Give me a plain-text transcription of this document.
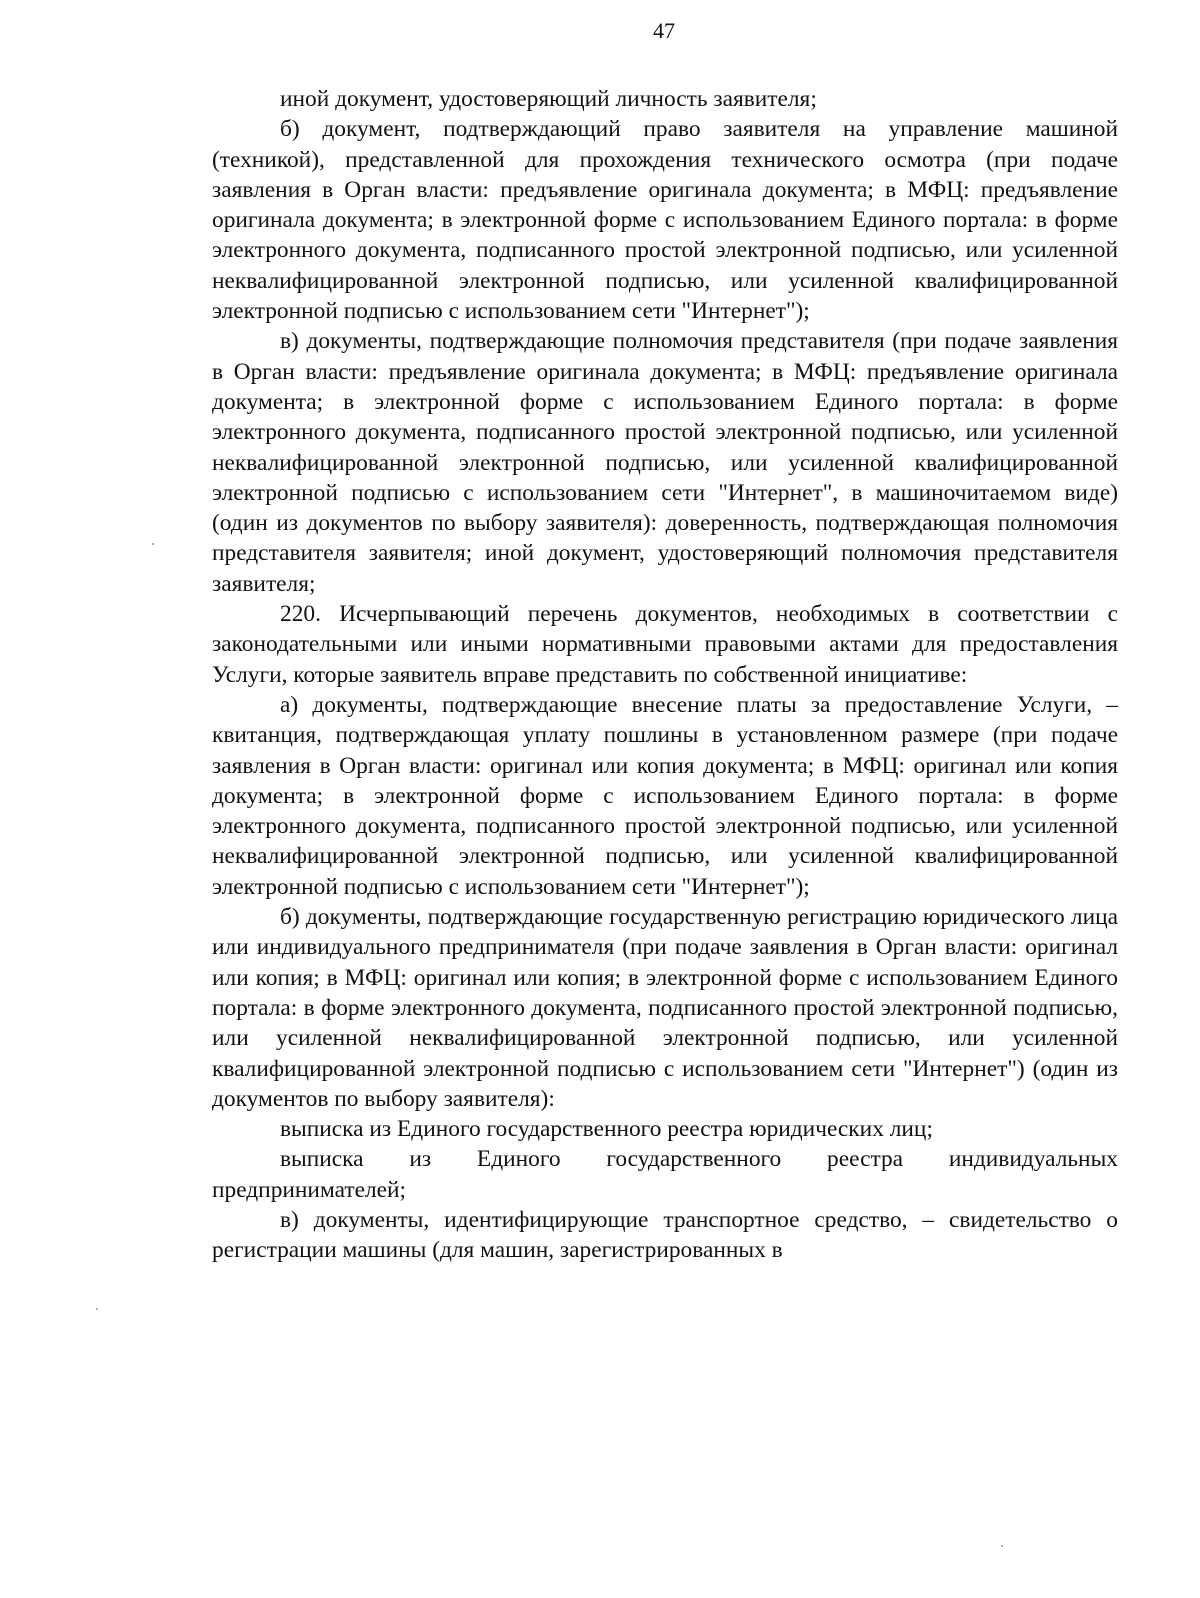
47

иной документ, удостоверяющий личность заявителя;

б) документ, подтверждающий право заявителя на управление машиной (техникой), представленной для прохождения технического осмотра (при подаче заявления в Орган власти: предъявление оригинала документа; в МФЦ: предъявление оригинала документа; в электронной форме с использованием Единого портала: в форме электронного документа, подписанного простой электронной подписью, или усиленной неквалифицированной электронной подписью, или усиленной квалифицированной электронной подписью с использованием сети "Интернет");

в) документы, подтверждающие полномочия представителя (при подаче заявления в Орган власти: предъявление оригинала документа; в МФЦ: предъявление оригинала документа; в электронной форме с использованием Единого портала: в форме электронного документа, подписанного простой электронной подписью, или усиленной неквалифицированной электронной подписью, или усиленной квалифицированной электронной подписью с использованием сети "Интернет", в машиночитаемом виде) (один из документов по выбору заявителя): доверенность, подтверждающая полномочия представителя заявителя; иной документ, удостоверяющий полномочия представителя заявителя;

220. Исчерпывающий перечень документов, необходимых в соответствии с законодательными или иными нормативными правовыми актами для предоставления Услуги, которые заявитель вправе представить по собственной инициативе:

а) документы, подтверждающие внесение платы за предоставление Услуги, – квитанция, подтверждающая уплату пошлины в установленном размере (при подаче заявления в Орган власти: оригинал или копия документа; в МФЦ: оригинал или копия документа; в электронной форме с использованием Единого портала: в форме электронного документа, подписанного простой электронной подписью, или усиленной неквалифицированной электронной подписью, или усиленной квалифицированной электронной подписью с использованием сети "Интернет");

б) документы, подтверждающие государственную регистрацию юридического лица или индивидуального предпринимателя (при подаче заявления в Орган власти: оригинал или копия; в МФЦ: оригинал или копия; в электронной форме с использованием Единого портала: в форме электронного документа, подписанного простой электронной подписью, или усиленной неквалифицированной электронной подписью, или усиленной квалифицированной электронной подписью с использованием сети "Интернет") (один из документов по выбору заявителя):

выписка из Единого государственного реестра юридических лиц;

выписка из Единого государственного реестра индивидуальных предпринимателей;

в) документы, идентифицирующие транспортное средство, – свидетельство о регистрации машины (для машин, зарегистрированных в
